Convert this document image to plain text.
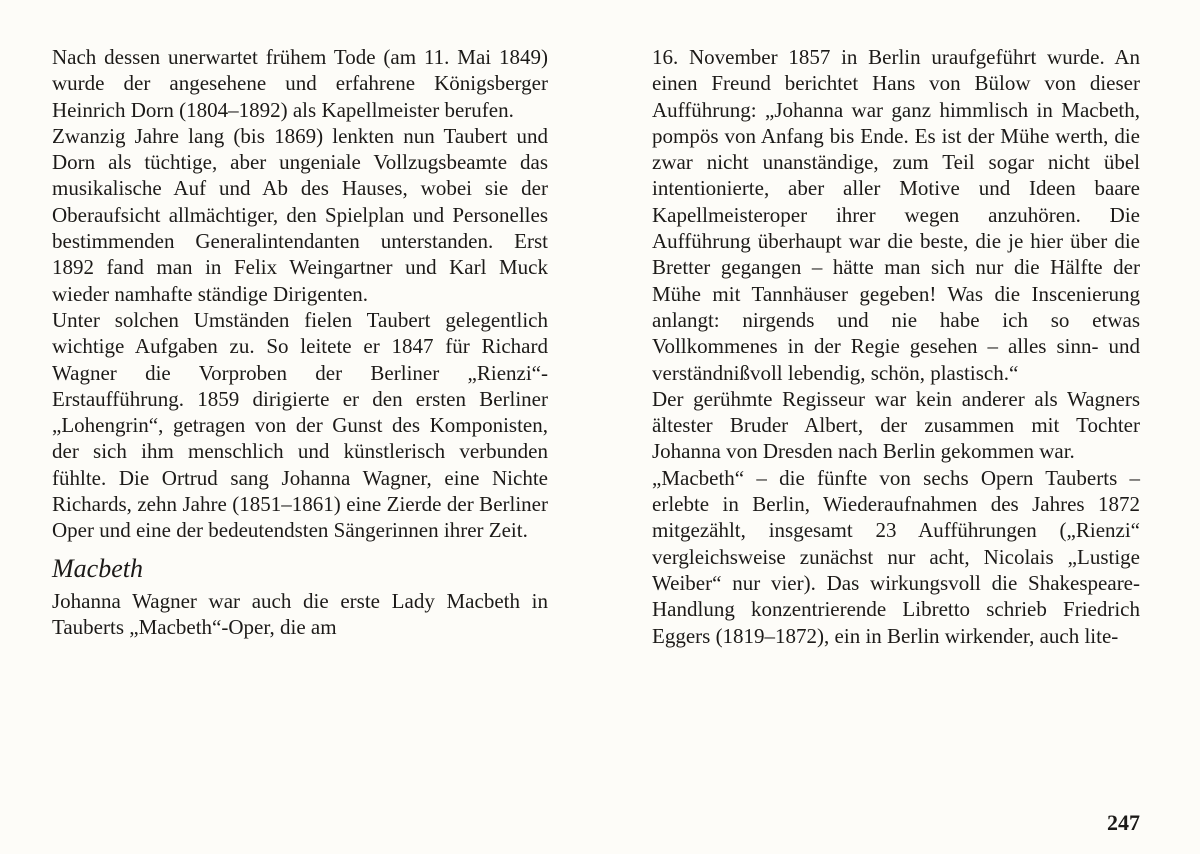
Nach dessen unerwartet frühem Tode (am 11. Mai 1849) wurde der angesehene und erfahrene Königsberger Heinrich Dorn (1804–1892) als Kapellmeister berufen.

Zwanzig Jahre lang (bis 1869) lenkten nun Taubert und Dorn als tüchtige, aber ungeniale Vollzugsbeamte das musikalische Auf und Ab des Hauses, wobei sie der Oberaufsicht allmächtiger, den Spielplan und Personelles bestimmenden Generalintendanten unterstanden. Erst 1892 fand man in Felix Weingartner und Karl Muck wieder namhafte ständige Dirigenten.

Unter solchen Umständen fielen Taubert gelegentlich wichtige Aufgaben zu. So leitete er 1847 für Richard Wagner die Vorproben der Berliner „Rienzi“-Erstaufführung. 1859 dirigierte er den ersten Berliner „Lohengrin“, getragen von der Gunst des Komponisten, der sich ihm menschlich und künstlerisch verbunden fühlte. Die Ortrud sang Johanna Wagner, eine Nichte Richards, zehn Jahre (1851–1861) eine Zierde der Berliner Oper und eine der bedeutendsten Sängerinnen ihrer Zeit.

Macbeth

Johanna Wagner war auch die erste Lady Macbeth in Tauberts „Macbeth“-Oper, die am

16. November 1857 in Berlin uraufgeführt wurde. An einen Freund berichtet Hans von Bülow von dieser Aufführung: „Johanna war ganz himmlisch in Macbeth, pompös von Anfang bis Ende. Es ist der Mühe werth, die zwar nicht unanständige, zum Teil sogar nicht übel intentionierte, aber aller Motive und Ideen baare Kapellmeisteroper ihrer wegen anzuhören. Die Aufführung überhaupt war die beste, die je hier über die Bretter gegangen – hätte man sich nur die Hälfte der Mühe mit Tannhäuser gegeben! Was die Inscenierung anlangt: nirgends und nie habe ich so etwas Vollkommenes in der Regie gesehen – alles sinn- und verständnißvoll lebendig, schön, plastisch.“

Der gerühmte Regisseur war kein anderer als Wagners ältester Bruder Albert, der zusammen mit Tochter Johanna von Dresden nach Berlin gekommen war.

„Macbeth“ – die fünfte von sechs Opern Tauberts – erlebte in Berlin, Wiederaufnahmen des Jahres 1872 mitgezählt, insgesamt 23 Aufführungen („Rienzi“ vergleichsweise zunächst nur acht, Nicolais „Lustige Weiber“ nur vier). Das wirkungsvoll die Shakespeare-Handlung konzentrierende Libretto schrieb Friedrich Eggers (1819–1872), ein in Berlin wirkender, auch lite-

247
